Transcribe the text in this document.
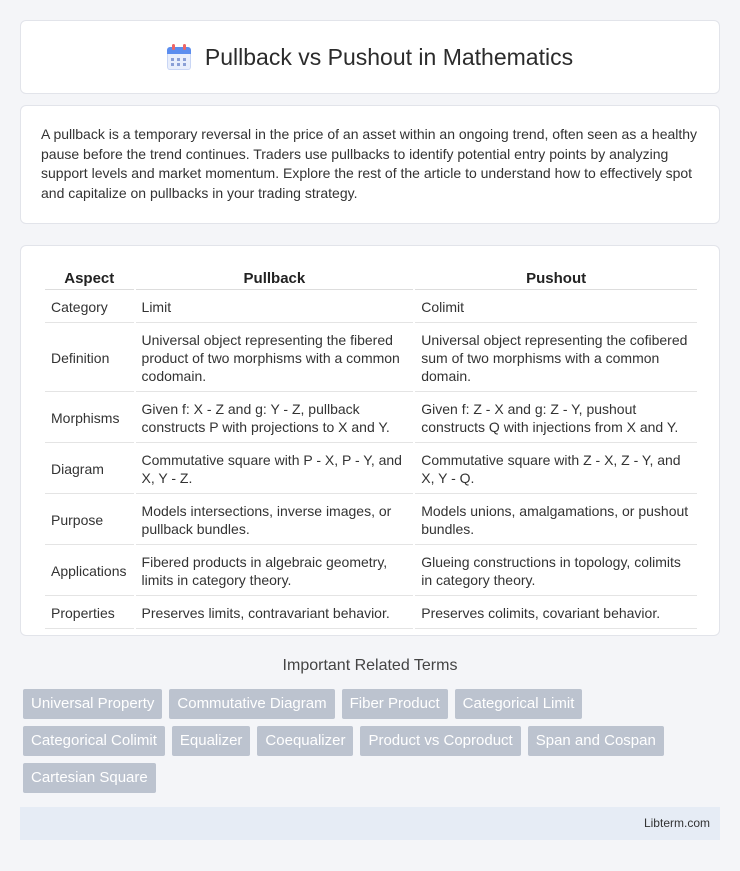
Pullback vs Pushout in Mathematics

A pullback is a temporary reversal in the price of an asset within an ongoing trend, often seen as a healthy pause before the trend continues. Traders use pullbacks to identify potential entry points by analyzing support levels and market momentum. Explore the rest of the article to understand how to effectively spot and capitalize on pullbacks in your trading strategy.

Aspect	Pullback	Pushout
Category	Limit	Colimit
Definition	Universal object representing the fibered product of two morphisms with a common codomain.	Universal object representing the cofibered sum of two morphisms with a common domain.
Morphisms	Given f: X - Z and g: Y - Z, pullback constructs P with projections to X and Y.	Given f: Z - X and g: Z - Y, pushout constructs Q with injections from X and Y.
Diagram	Commutative square with P - X, P - Y, and X, Y - Z.	Commutative square with Z - X, Z - Y, and X, Y - Q.
Purpose	Models intersections, inverse images, or pullback bundles.	Models unions, amalgamations, or pushout bundles.
Applications	Fibered products in algebraic geometry, limits in category theory.	Glueing constructions in topology, colimits in category theory.
Properties	Preserves limits, contravariant behavior.	Preserves colimits, covariant behavior.
Important Related Terms
Universal Property	Commutative Diagram	Fiber Product	Categorical Limit
Categorical Colimit	Equalizer	Coequalizer	Product vs Coproduct	Span and Cospan
Cartesian Square
Libterm.com
